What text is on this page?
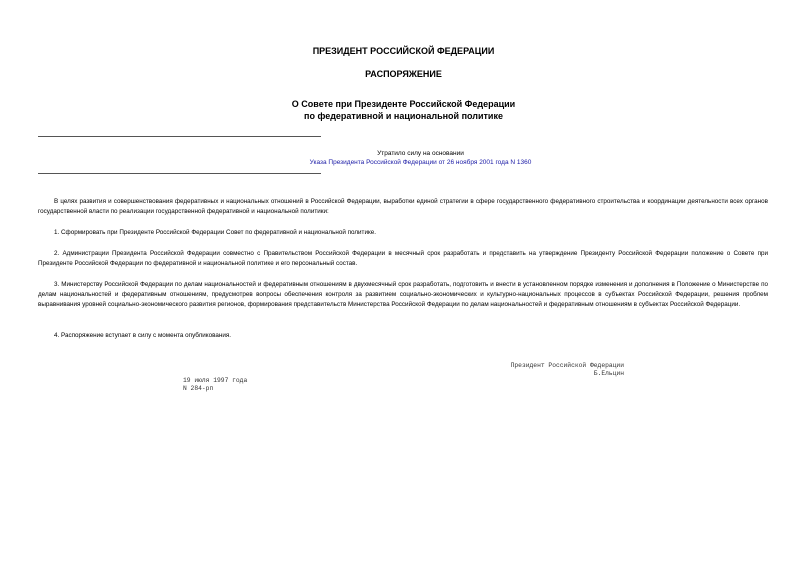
ПРЕЗИДЕНТ РОССИЙСКОЙ ФЕДЕРАЦИИ
РАСПОРЯЖЕНИЕ
О Совете при Президенте Российской Федерации
по федеративной и национальной политике
Утратило силу на основании
Указа Президента Российской Федерации от 26 ноября 2001 года N 1360
В целях развития и совершенствования федеративных и национальных отношений в Российской Федерации, выработки единой стратегии в сфере государственного федеративного строительства и координации деятельности всех органов государственной власти по реализации государственной федеративной и национальной политики:
1. Сформировать при Президенте Российской Федерации Совет по федеративной и национальной политике.
2. Администрации Президента Российской Федерации совместно с Правительством Российской Федерации в месячный срок разработать и представить на утверждение Президенту Российской Федерации положение о Совете при Президенте Российской Федерации по федеративной и национальной политике и его персональный состав.
3. Министерству Российской Федерации по делам национальностей и федеративным отношениям в двухмесячный срок разработать, подготовить и внести в установленном порядке изменения и дополнения в Положение о Министерстве по делам национальностей и федеративным отношениям, предусмотрев вопросы обеспечения контроля за развитием социально-экономических и культурно-национальных процессов в субъектах Российской Федерации, решения проблем выравнивания уровней социально-экономического развития регионов, формирования представительств Министерства Российской Федерации по делам национальностей и федеративным отношениям в субъектах Российской Федерации.
4. Распоряжение вступает в силу с момента опубликования.
Президент Российской Федерации
Б.Ельцин
19 июля 1997 года
N 284-рп
